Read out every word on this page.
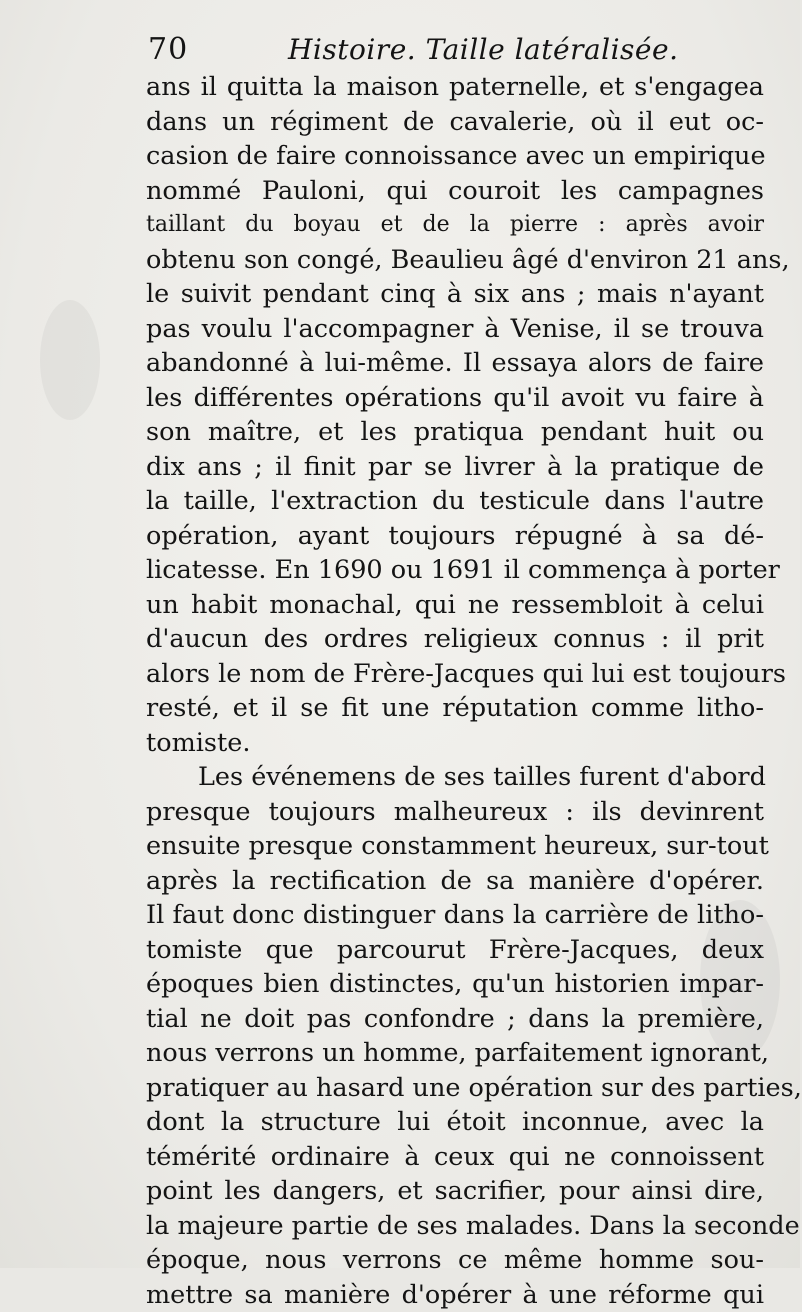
70	Histoire. Taille latéralisée.
ans il quitta la maison paternelle, et s'engagea
dans un régiment de cavalerie, où il eut oc-
casion de faire connoissance avec un empirique
nommé Pauloni, qui couroit les campagnes
taillant du boyau et de la pierre : après avoir
obtenu son congé, Beaulieu âgé d'environ 21 ans,
le suivit pendant cinq à six ans ; mais n'ayant
pas voulu l'accompagner à Venise, il se trouva
abandonné à lui-même. Il essaya alors de faire
les différentes opérations qu'il avoit vu faire à
son maître, et les pratiqua pendant huit ou
dix ans ; il finit par se livrer à la pratique de
la taille, l'extraction du testicule dans l'autre
opération, ayant toujours répugné à sa dé-
licatesse. En 1690 ou 1691 il commença à porter
un habit monachal, qui ne ressembloit à celui
d'aucun des ordres religieux connus : il prit
alors le nom de Frère-Jacques qui lui est toujours
resté, et il se fit une réputation comme litho-
tomiste.
Les événemens de ses tailles furent d'abord
presque toujours malheureux : ils devinrent
ensuite presque constamment heureux, sur-tout
après la rectification de sa manière d'opérer.
Il faut donc distinguer dans la carrière de litho-
tomiste que parcourut Frère-Jacques, deux
époques bien distinctes, qu'un historien impar-
tial ne doit pas confondre ; dans la première,
nous verrons un homme, parfaitement ignorant,
pratiquer au hasard une opération sur des parties,
dont la structure lui étoit inconnue, avec la
témérité ordinaire à ceux qui ne connoissent
point les dangers, et sacrifier, pour ainsi dire,
la majeure partie de ses malades. Dans la seconde
époque, nous verrons ce même homme sou-
mettre sa manière d'opérer à une réforme qui
